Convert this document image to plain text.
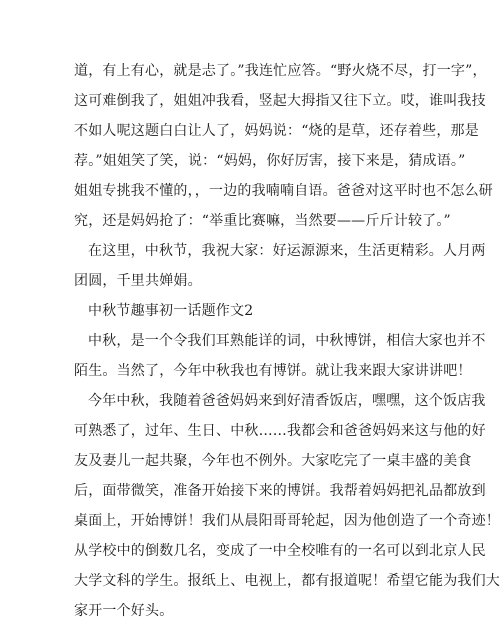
道，有上有心，就是忐了。”我连忙应答。“野火烧不尽，打一字”，
这可难倒我了，姐姐冲我看，竖起大拇指又往下立。哎，谁叫我技
不如人呢这题白白让人了，妈妈说：“烧的是草，还存着些，那是
荐。”姐姐笑了笑，说：“妈妈，你好厉害，接下来是，猜成语。”
姐姐专挑我不懂的，，一边的我喃喃自语。爸爸对这平时也不怎么研
究，还是妈妈抢了：“举重比赛嘛，当然要——斤斤计较了。”
在这里，中秋节，我祝大家：好运源源来，生活更精彩。人月两
团圆，千里共婵娟。
中秋节趣事初一话题作文2
中秋，是一个令我们耳熟能详的词，中秋博饼，相信大家也并不
陌生。当然了，今年中秋我也有博饼。就让我来跟大家讲讲吧！
今年中秋，我随着爸爸妈妈来到好清香饭店，嘿嘿，这个饭店我
可熟悉了，过年、生日、中秋……我都会和爸爸妈妈来这与他的好
友及妻儿一起共聚，今年也不例外。大家吃完了一桌丰盛的美食
后，面带微笑，准备开始接下来的博饼。我帮着妈妈把礼品都放到
桌面上，开始博饼！我们从晨阳哥哥轮起，因为他创造了一个奇迹！
从学校中的倒数几名，变成了一中全校唯有的一名可以到北京人民
大学文科的学生。报纸上、电视上，都有报道呢！希望它能为我们大
家开一个好头。
